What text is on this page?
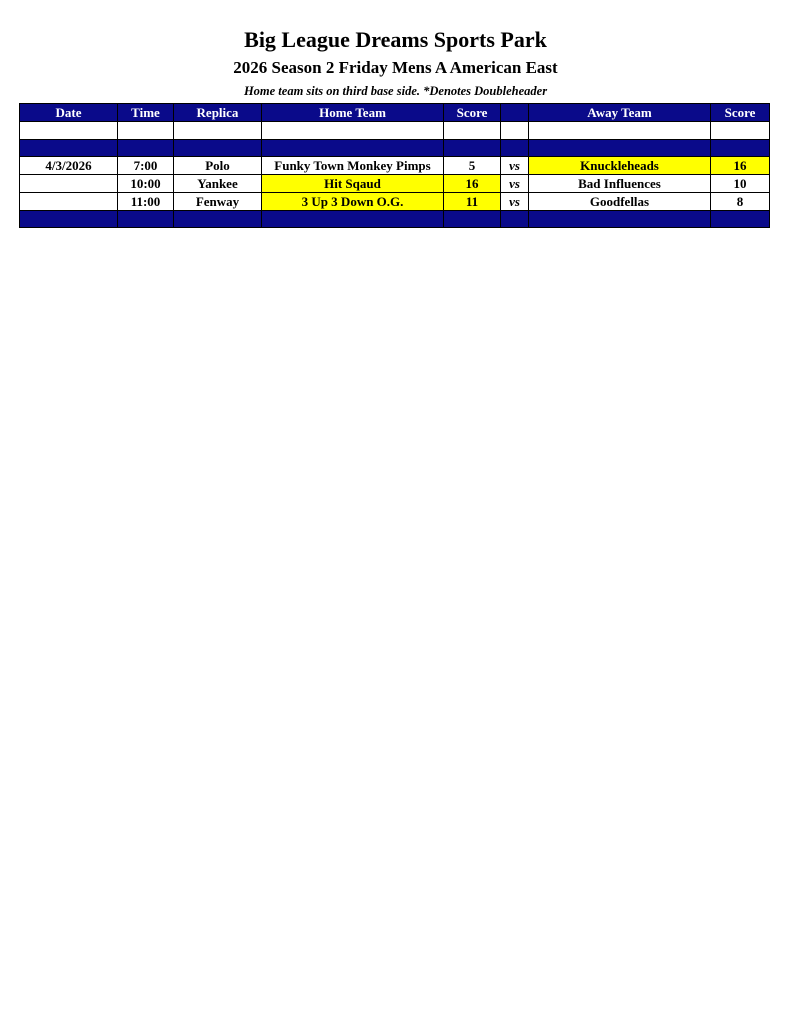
Big League Dreams Sports Park
2026 Season 2 Friday Mens A American East
Home team sits on third base side. *Denotes Doubleheader
Date	Time	Replica	Home Team	Score		Away Team	Score

4/3/2026	7:00	Polo	Funky Town Monkey Pimps	5	vs	Knuckleheads	16
	10:00	Yankee	Hit Sqaud	16	vs	Bad Influences	10
	11:00	Fenway	3 Up 3 Down O.G.	11	vs	Goodfellas	8
